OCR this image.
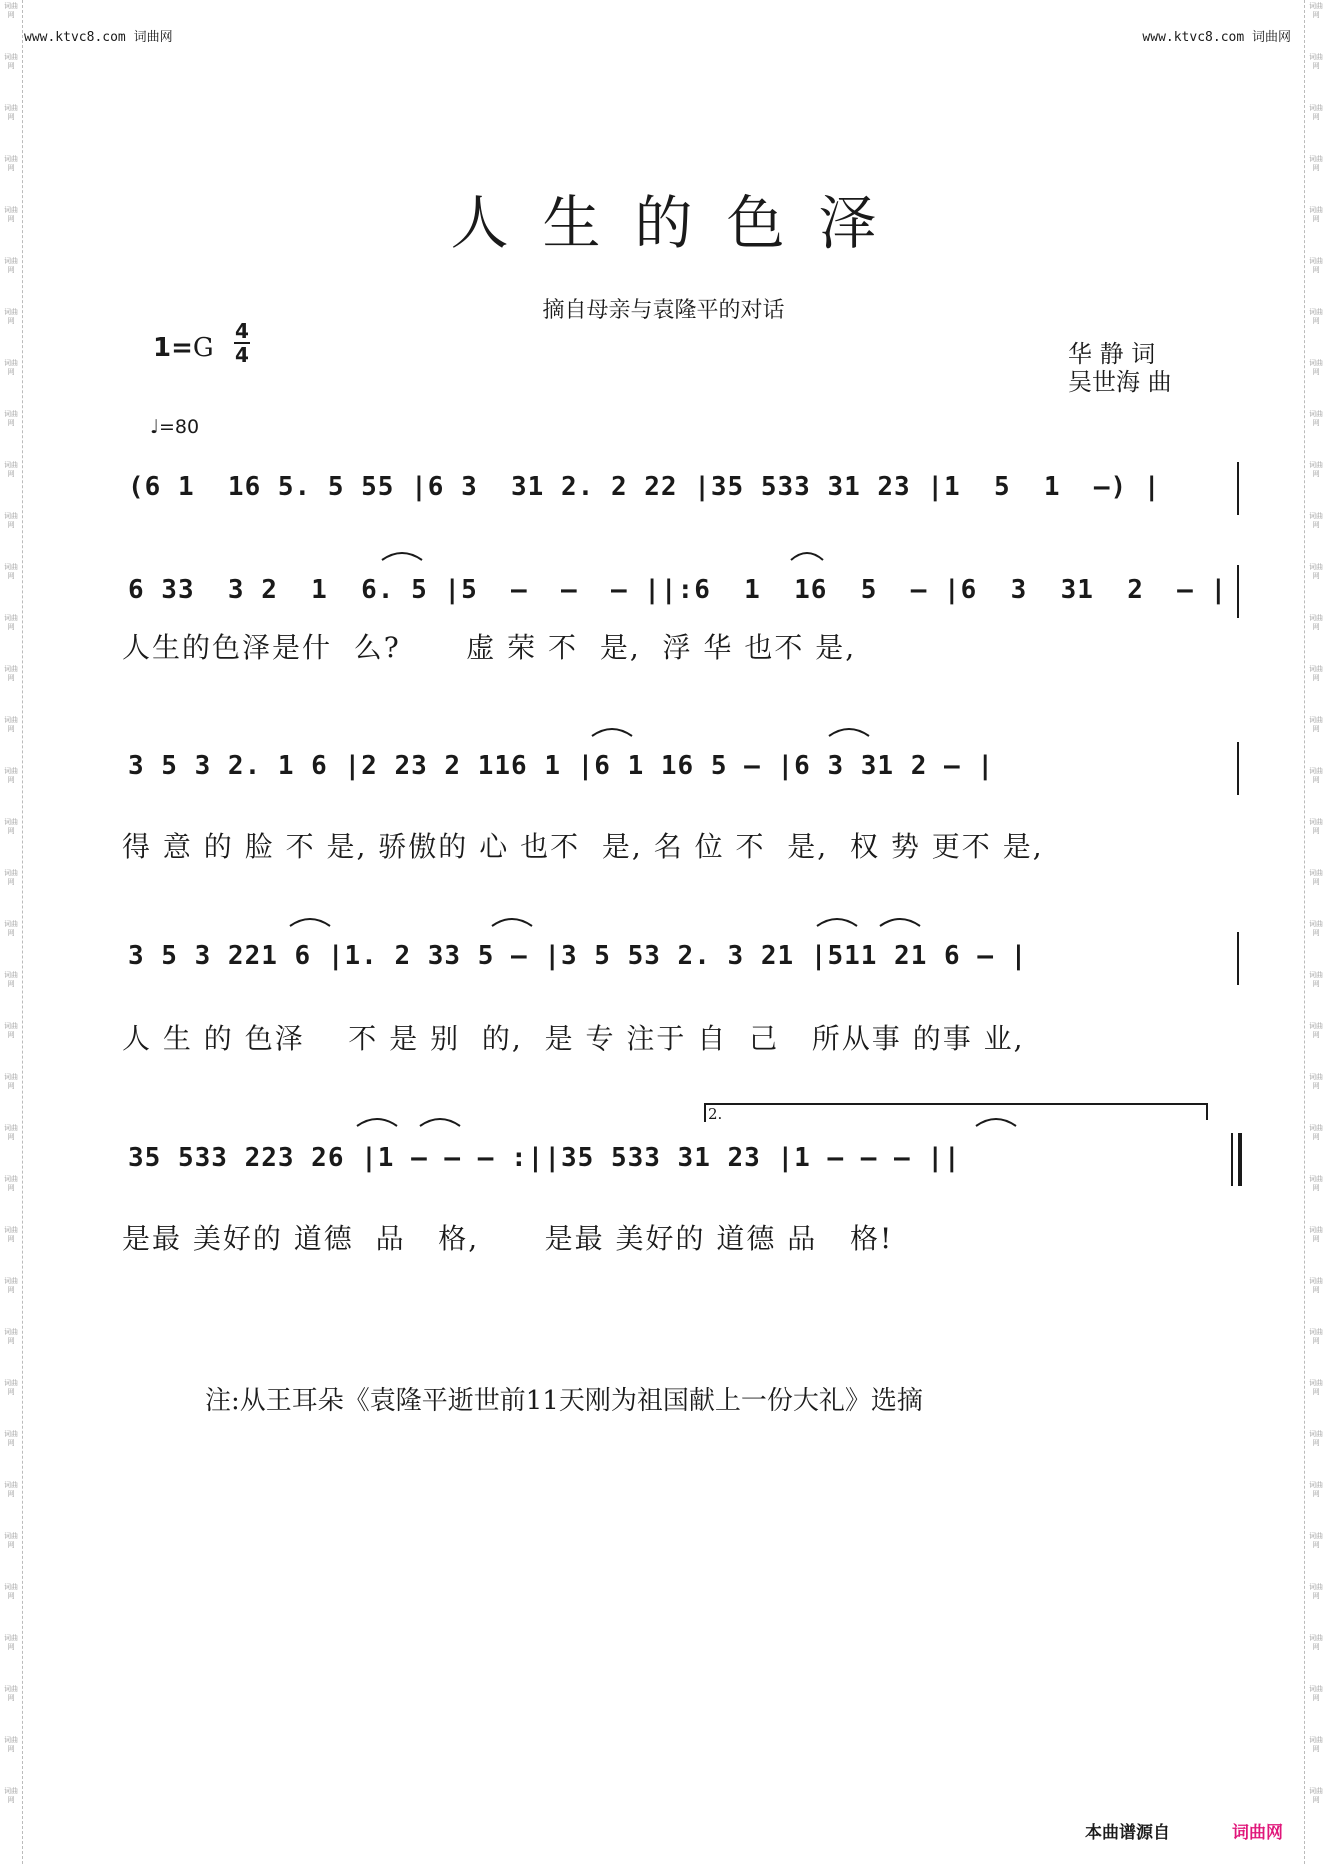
词曲网
词曲网
词曲网
词曲网
词曲网
词曲网
词曲网
词曲网
词曲网
词曲网
词曲网
词曲网
词曲网
词曲网
词曲网
词曲网
词曲网
词曲网
词曲网
词曲网
词曲网
词曲网
词曲网
词曲网
词曲网
词曲网
词曲网
词曲网
词曲网
词曲网
词曲网
词曲网
词曲网
词曲网
词曲网
词曲网
词曲网
词曲网
词曲网
词曲网
词曲网
词曲网
词曲网
词曲网
词曲网
词曲网
词曲网
词曲网
词曲网
词曲网
词曲网
词曲网
词曲网
词曲网
词曲网
词曲网
词曲网
词曲网
词曲网
词曲网
词曲网
词曲网
词曲网
词曲网
词曲网
词曲网
词曲网
词曲网
词曲网
词曲网
词曲网
词曲网
www.ktvc8.com 词曲网	www.ktvc8.com 词曲网
人生的色泽
摘自母亲与袁隆平的对话
1=G
4
4	华 静 词
吴世海 曲
♩=80
(6 1  16 5. 5 55 |6 3  31 2. 2 22 |35 533 31 23 |1  5  1  –) |
6 33  3 2  1  6. 5 |5  –  –  – ||:6  1  16  5  – |6  3  31  2  – |
人生的色泽是什  么?      虚 荣 不  是,  浮 华 也不 是,
3 5 3 2. 1 6 |2 23 2 116 1 |6 1 16 5 – |6 3 31 2 – |
得 意 的 脸 不 是, 骄傲的 心 也不  是, 名 位 不  是,  权 势 更不 是,
3 5 3 221 6 |1. 2 33 5 – |3 5 53 2. 3 21 |511 21 6 – |
人 生 的 色泽    不 是 别  的,  是 专 注于 自  己   所从事 的事 业,
2.
35 533 223 26 |1 – – – :||35 533 31 23 |1 – – – ||
是最 美好的 道德  品   格,      是最 美好的 道德 品   格!
注:从王耳朵《袁隆平逝世前11天刚为祖国献上一份大礼》选摘
本曲谱源自	词曲网
